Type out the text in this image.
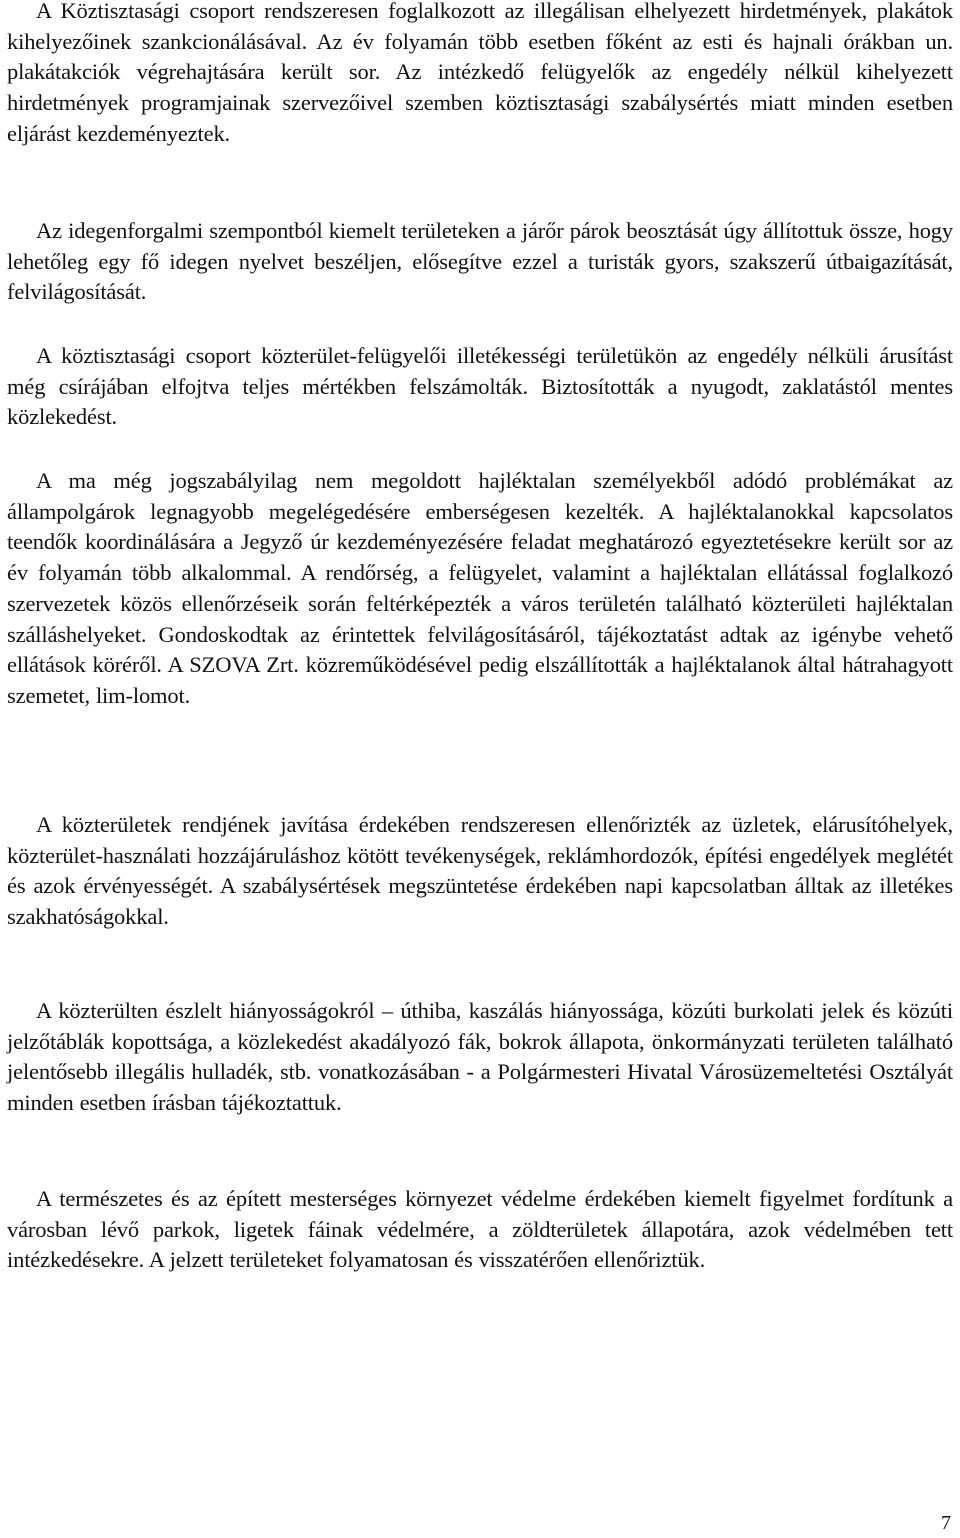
A Köztisztasági csoport rendszeresen foglalkozott az illegálisan elhelyezett hirdetmények, plakátok kihelyezőinek szankcionálásával. Az év folyamán több esetben főként az esti és hajnali órákban un. plakátakciók végrehajtására került sor. Az intézkedő felügyelők az engedély nélkül kihelyezett hirdetmények programjainak szervezőivel szemben köztisztasági szabálysértés miatt minden esetben eljárást kezdeményeztek.

Az idegenforgalmi szempontból kiemelt területeken a járőr párok beosztását úgy állítottuk össze, hogy lehetőleg egy fő idegen nyelvet beszéljen, elősegítve ezzel a turisták gyors, szakszerű útbaigazítását, felvilágosítását.

A köztisztasági csoport közterület-felügyelői illetékességi területükön az engedély nélküli árusítást még csírájában elfojtva teljes mértékben felszámolták. Biztosították a nyugodt, zaklatástól mentes közlekedést.

A ma még jogszabályilag nem megoldott hajléktalan személyekből adódó problémákat az állampolgárok legnagyobb megelégedésére emberségesen kezelték. A hajléktalanokkal kapcsolatos teendők koordinálására a Jegyző úr kezdeményezésére feladat meghatározó egyeztetésekre került sor az év folyamán több alkalommal. A rendőrség, a felügyelet, valamint a hajléktalan ellátással foglalkozó szervezetek közös ellenőrzéseik során feltérképezték a város területén található közterületi hajléktalan szálláshelyeket. Gondoskodtak az érintettek felvilágosításáról, tájékoztatást adtak az igénybe vehető ellátások köréről. A SZOVA Zrt. közreműködésével pedig elszállították a hajléktalanok által hátrahagyott szemetet, lim-lomot.

A közterületek rendjének javítása érdekében rendszeresen ellenőrizték az üzletek, elárusítóhelyek, közterület-használati hozzájáruláshoz kötött tevékenységek, reklámhordozók, építési engedélyek meglétét és azok érvényességét. A szabálysértések megszüntetése érdekében napi kapcsolatban álltak az illetékes szakhatóságokkal.

A közterülten észlelt hiányosságokról – úthiba, kaszálás hiányossága, közúti burkolati jelek és közúti jelzőtáblák kopottsága, a közlekedést akadályozó fák, bokrok állapota, önkormányzati területen található jelentősebb illegális hulladék, stb. vonatkozásában - a Polgármesteri Hivatal Városüzemeltetési Osztályát minden esetben írásban tájékoztattuk.

A természetes és az épített mesterséges környezet védelme érdekében kiemelt figyelmet fordítunk a városban lévő parkok, ligetek fáinak védelmére, a zöldterületek állapotára, azok védelmében tett intézkedésekre. A jelzett területeket folyamatosan és visszatérően ellenőriztük.

7
